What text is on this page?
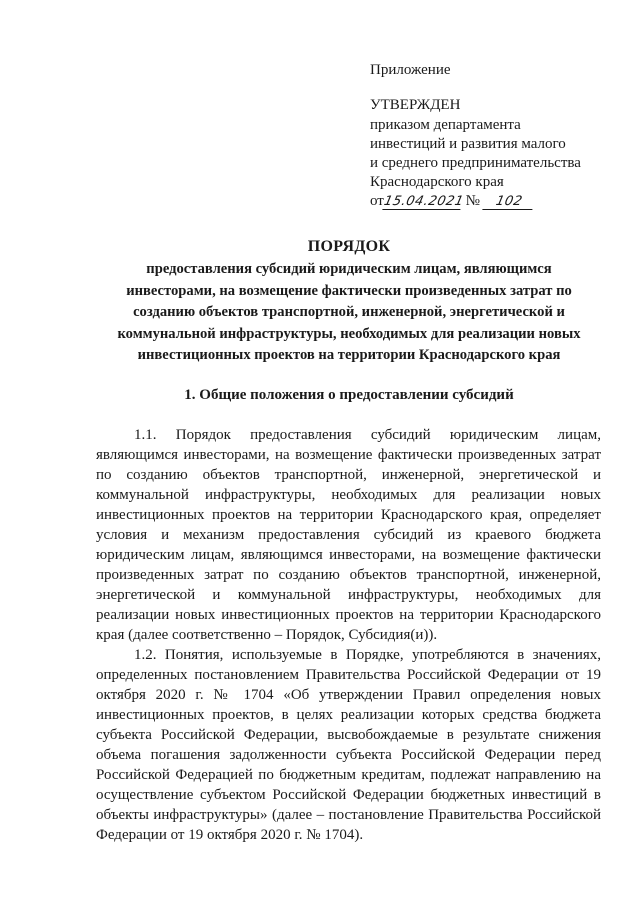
Приложение
УТВЕРЖДЕН
приказом департамента
инвестиций и развития малого
и среднего предпринимательства
Краснодарского края
от15.04.2021 № 102
ПОРЯДОК
предоставления субсидий юридическим лицам, являющимся
инвесторами, на возмещение фактически произведенных затрат по
созданию объектов транспортной, инженерной, энергетической и
коммунальной инфраструктуры, необходимых для реализации новых
инвестиционных проектов на территории Краснодарского края
1. Общие положения о предоставлении субсидий

1.1. Порядок предоставления субсидий юридическим лицам, являющимся инвесторами, на возмещение фактически произведенных затрат по созданию объектов транспортной, инженерной, энергетической и коммунальной инфраструктуры, необходимых для реализации новых инвестиционных проектов на территории Краснодарского края, определяет условия и механизм предоставления субсидий из краевого бюджета юридическим лицам, являющимся инвесторами, на возмещение фактически произведенных затрат по созданию объектов транспортной, инженерной, энергетической и коммунальной инфраструктуры, необходимых для реализации новых инвестиционных проектов на территории Краснодарского края (далее соответственно – Порядок, Субсидия(и)).

1.2. Понятия, используемые в Порядке, употребляются в значениях, определенных постановлением Правительства Российской Федерации от 19 октября 2020 г. № 1704 «Об утверждении Правил определения новых инвестиционных проектов, в целях реализации которых средства бюджета субъекта Российской Федерации, высвобождаемые в результате снижения объема погашения задолженности субъекта Российской Федерации перед Российской Федерацией по бюджетным кредитам, подлежат направлению на осуществление субъектом Российской Федерации бюджетных инвестиций в объекты инфраструктуры» (далее – постановление Правительства Российской Федерации от 19 октября 2020 г. № 1704).
